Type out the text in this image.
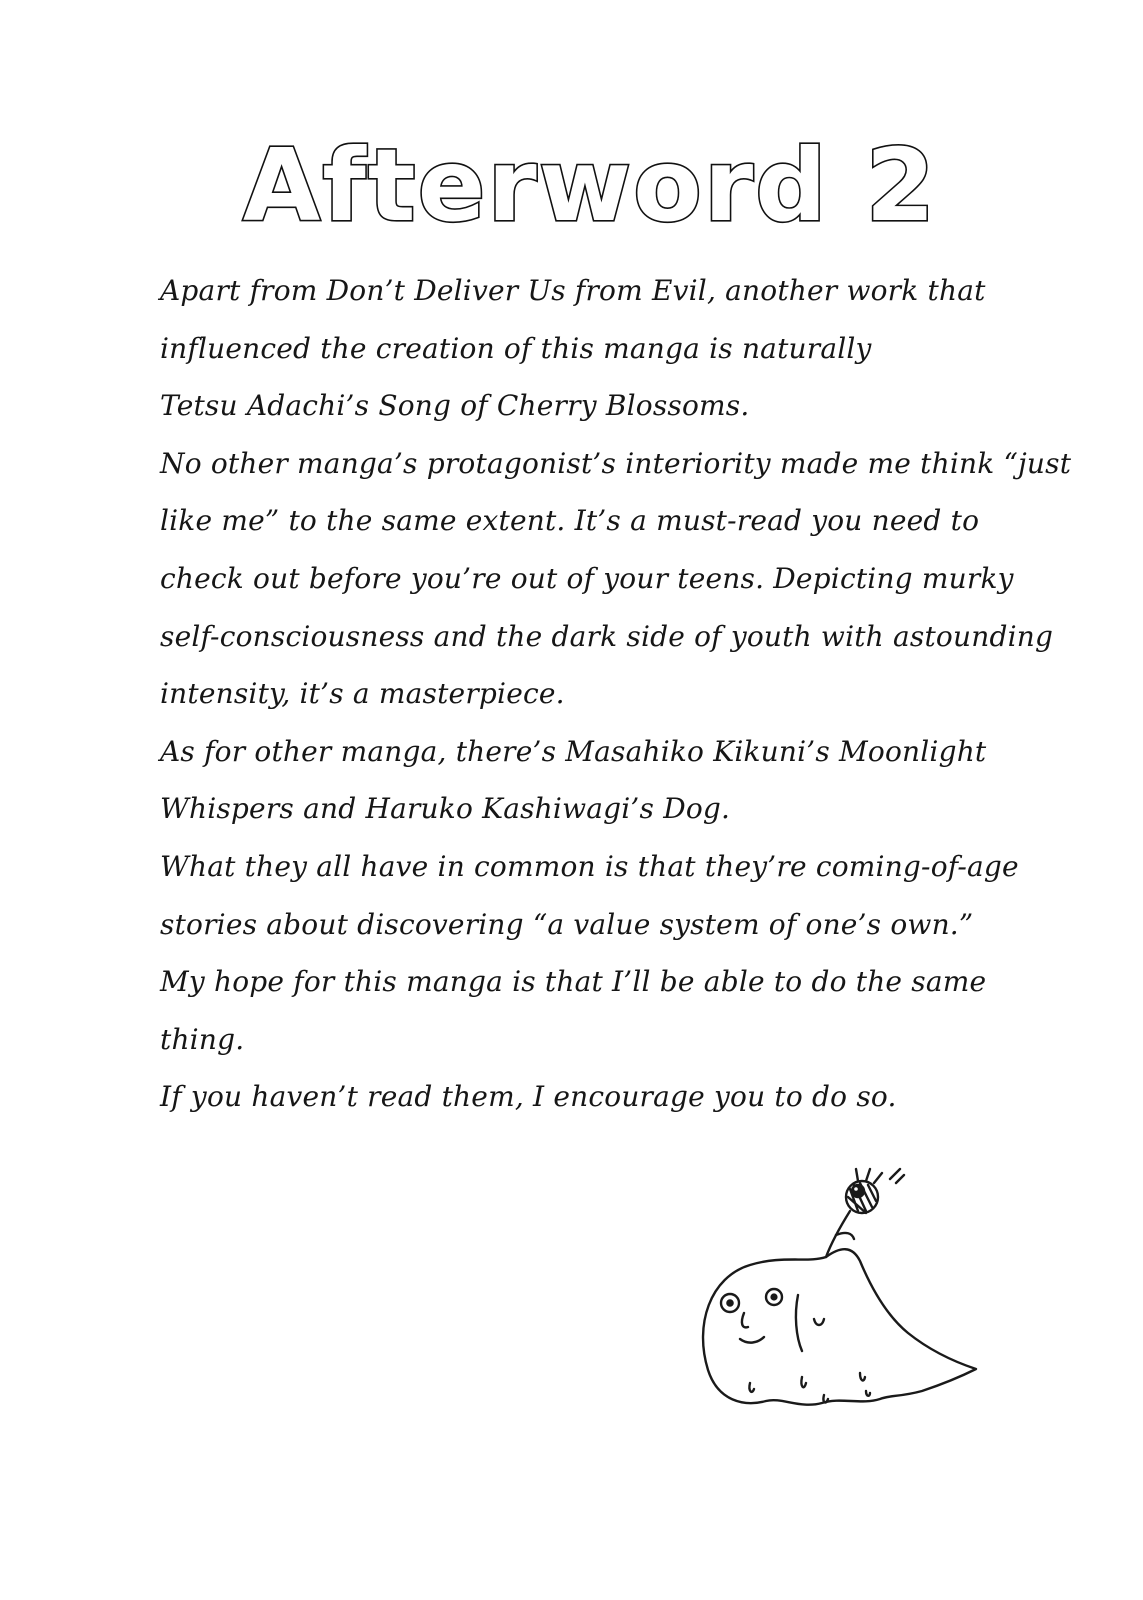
Afterword 2
Apart from Don’t Deliver Us from Evil, another work that
influenced the creation of this manga is naturally
Tetsu Adachi’s Song of Cherry Blossoms.
No other manga’s protagonist’s interiority made me think “just
like me” to the same extent. It’s a must-read you need to
check out before you’re out of your teens. Depicting murky
self-consciousness and the dark side of youth with astounding
intensity, it’s a masterpiece.
As for other manga, there’s Masahiko Kikuni’s Moonlight
Whispers and Haruko Kashiwagi’s Dog.
What they all have in common is that they’re coming-of-age
stories about discovering “a value system of one’s own.”
My hope for this manga is that I’ll be able to do the same
thing.
If you haven’t read them, I encourage you to do so.
